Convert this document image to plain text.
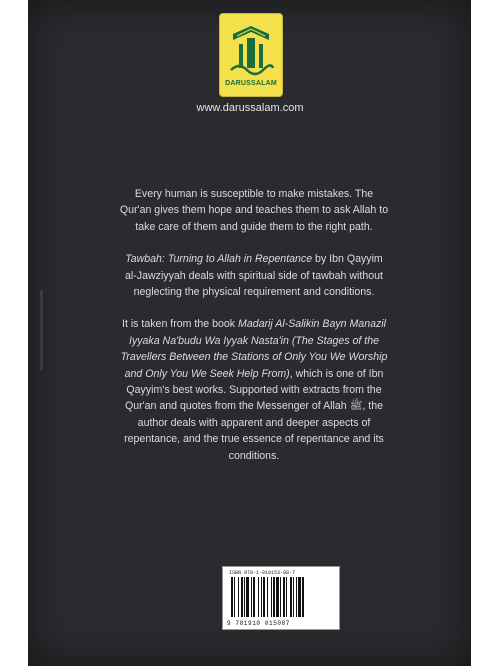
DARUSSALAM
www.darussalam.com

Every human is susceptible to make mistakes. The Qur'an gives them hope and teaches them to ask Allah to take care of them and guide them to the right path.

Tawbah: Turning to Allah in Repentance by Ibn Qayyim al-Jawziyyah deals with spiritual side of tawbah without neglecting the physical requirement and conditions.

It is taken from the book Madarij Al-Salikin Bayn Manazil Iyyaka Na'budu Wa Iyyak Nasta'in (The Stages of the Travellers Between the Stations of Only You We Worship and Only You We Seek Help From), which is one of Ibn Qayyim's best works. Supported with extracts from the Qur'an and quotes from the Messenger of Allah ﷺ, the author deals with apparent and deeper aspects of repentance, and the true essence of repentance and its conditions.

ISBN 978-1-910153-08-7
9 781910 015087
